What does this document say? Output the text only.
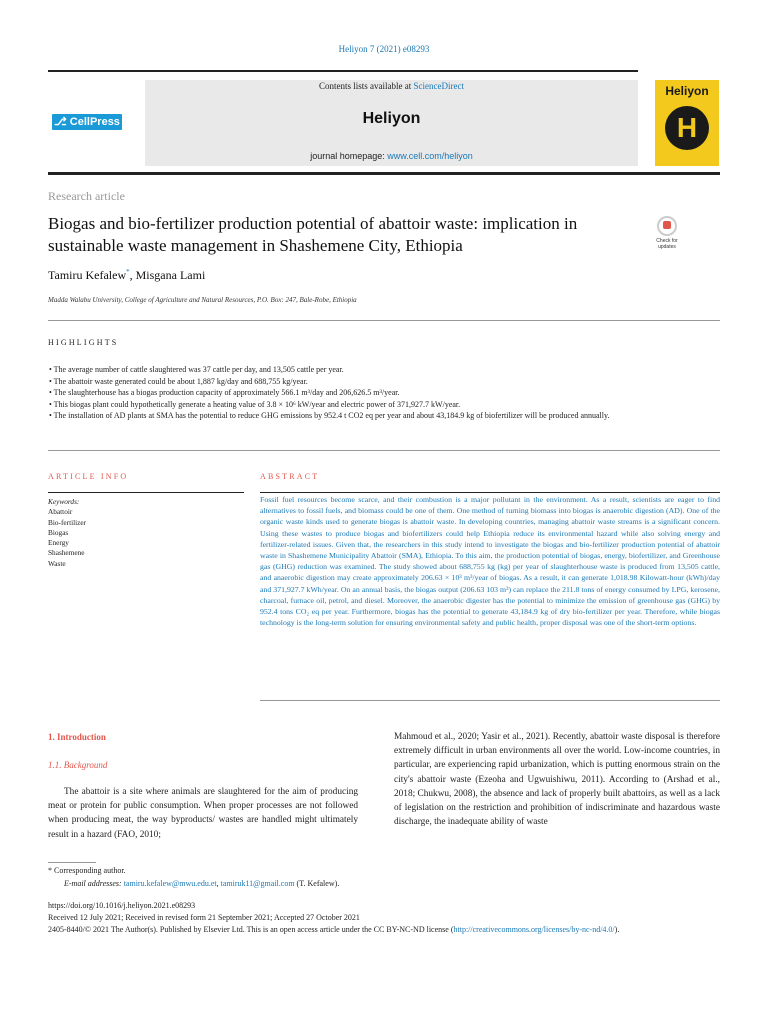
Heliyon 7 (2021) e08293
⎇ CellPress
Contents lists available at ScienceDirect
Heliyon
journal homepage: www.cell.com/heliyon
Heliyon
H
Research article
Biogas and bio-fertilizer production potential of abattoir waste: implication in sustainable waste management in Shashemene City, Ethiopia	Check for updates
Tamiru Kefalew*, Misgana Lami
Madda Walabu University, College of Agriculture and Natural Resources, P.O. Box: 247, Bale-Robe, Ethiopia
HIGHLIGHTS
• The average number of cattle slaughtered was 37 cattle per day, and 13,505 cattle per year.
• The abattoir waste generated could be about 1,887 kg/day and 688,755 kg/year.
• The slaughterhouse has a biogas production capacity of approximately 566.1 m³/day and 206,626.5 m³/year.
• This biogas plant could hypothetically generate a heating value of 3.8 × 10⁶ kW/year and electric power of 371,927.7 kW/year.
• The installation of AD plants at SMA has the potential to reduce GHG emissions by 952.4 t CO2 eq per year and about 43,184.9 kg of biofertilizer will be produced annually.
ARTICLE INFO	ABSTRACT
Keywords:
Abattoir
Bio-fertilizer
Biogas
Energy
Shashemene
Waste
Fossil fuel resources become scarce, and their combustion is a major pollutant in the environment. As a result, scientists are eager to find alternatives to fossil fuels, and biomass could be one of them. One method of turning biomass into biogas is anaerobic digestion (AD). One of the organic waste kinds used to generate biogas is abattoir waste. In developing countries, managing abattoir waste streams is a significant concern. Using these wastes to produce biogas and biofertilizers could help Ethiopia reduce its environmental hazard while also solving energy and fertilizer-related issues. Given that, the researchers in this study intend to investigate the biogas and bio-fertilizer production potential of abattoir waste in Shashemene Municipality Abattoir (SMA), Ethiopia. To this aim, the production potential of biogas, energy, biofertilizer, and Greenhouse gas (GHG) reduction was examined. The study showed about 688,755 kg (kg) per year of slaughterhouse waste is produced from 13,505 cattle, and anaerobic digestion may create approximately 206.63 × 10³ m³/year of biogas. As a result, it can generate 1,018.98 Kilowatt-hour (kWh)/day and 371,927.7 kWh/year. On an annual basis, the biogas output (206.63 103 m³) can replace the 211.8 tons of energy consumed by LPG, kerosene, charcoal, furnace oil, petrol, and diesel. Moreover, the anaerobic digester has the potential to minimize the emission of greenhouse gas (GHG) by 952.4 tons CO₂ eq per year. Furthermore, biogas has the potential to generate 43,184.9 kg of dry bio-fertilizer per year. Therefore, while biogas technology is the long-term solution for ensuring environmental safety and public health, proper disposal was one of the short-term options.
1. Introduction
1.1. Background
The abattoir is a site where animals are slaughtered for the aim of producing meat or protein for public consumption. When proper processes are not followed when producing meat, the way byproducts/ wastes are handled might ultimately result in a hazard (FAO, 2010;
Mahmoud et al., 2020; Yasir et al., 2021). Recently, abattoir waste disposal is therefore extremely difficult in urban environments all over the world. Low-income countries, in particular, are experiencing rapid urbanization, which is putting enormous strain on the city's abattoir waste (Ezeoha and Ugwuishiwu, 2011). According to (Arshad et al., 2018; Chukwu, 2008), the absence and lack of properly built abattoirs, as well as a lack of legislation on the restriction and prohibition of indiscriminate and hazardous waste discharge, the inadequate ability of waste
* Corresponding author.
E-mail addresses: tamiru.kefalew@mwu.edu.et, tamiruk11@gmail.com (T. Kefalew).
https://doi.org/10.1016/j.heliyon.2021.e08293
Received 12 July 2021; Received in revised form 21 September 2021; Accepted 27 October 2021
2405-8440/© 2021 The Author(s). Published by Elsevier Ltd. This is an open access article under the CC BY-NC-ND license (http://creativecommons.org/licenses/by-nc-nd/4.0/).
